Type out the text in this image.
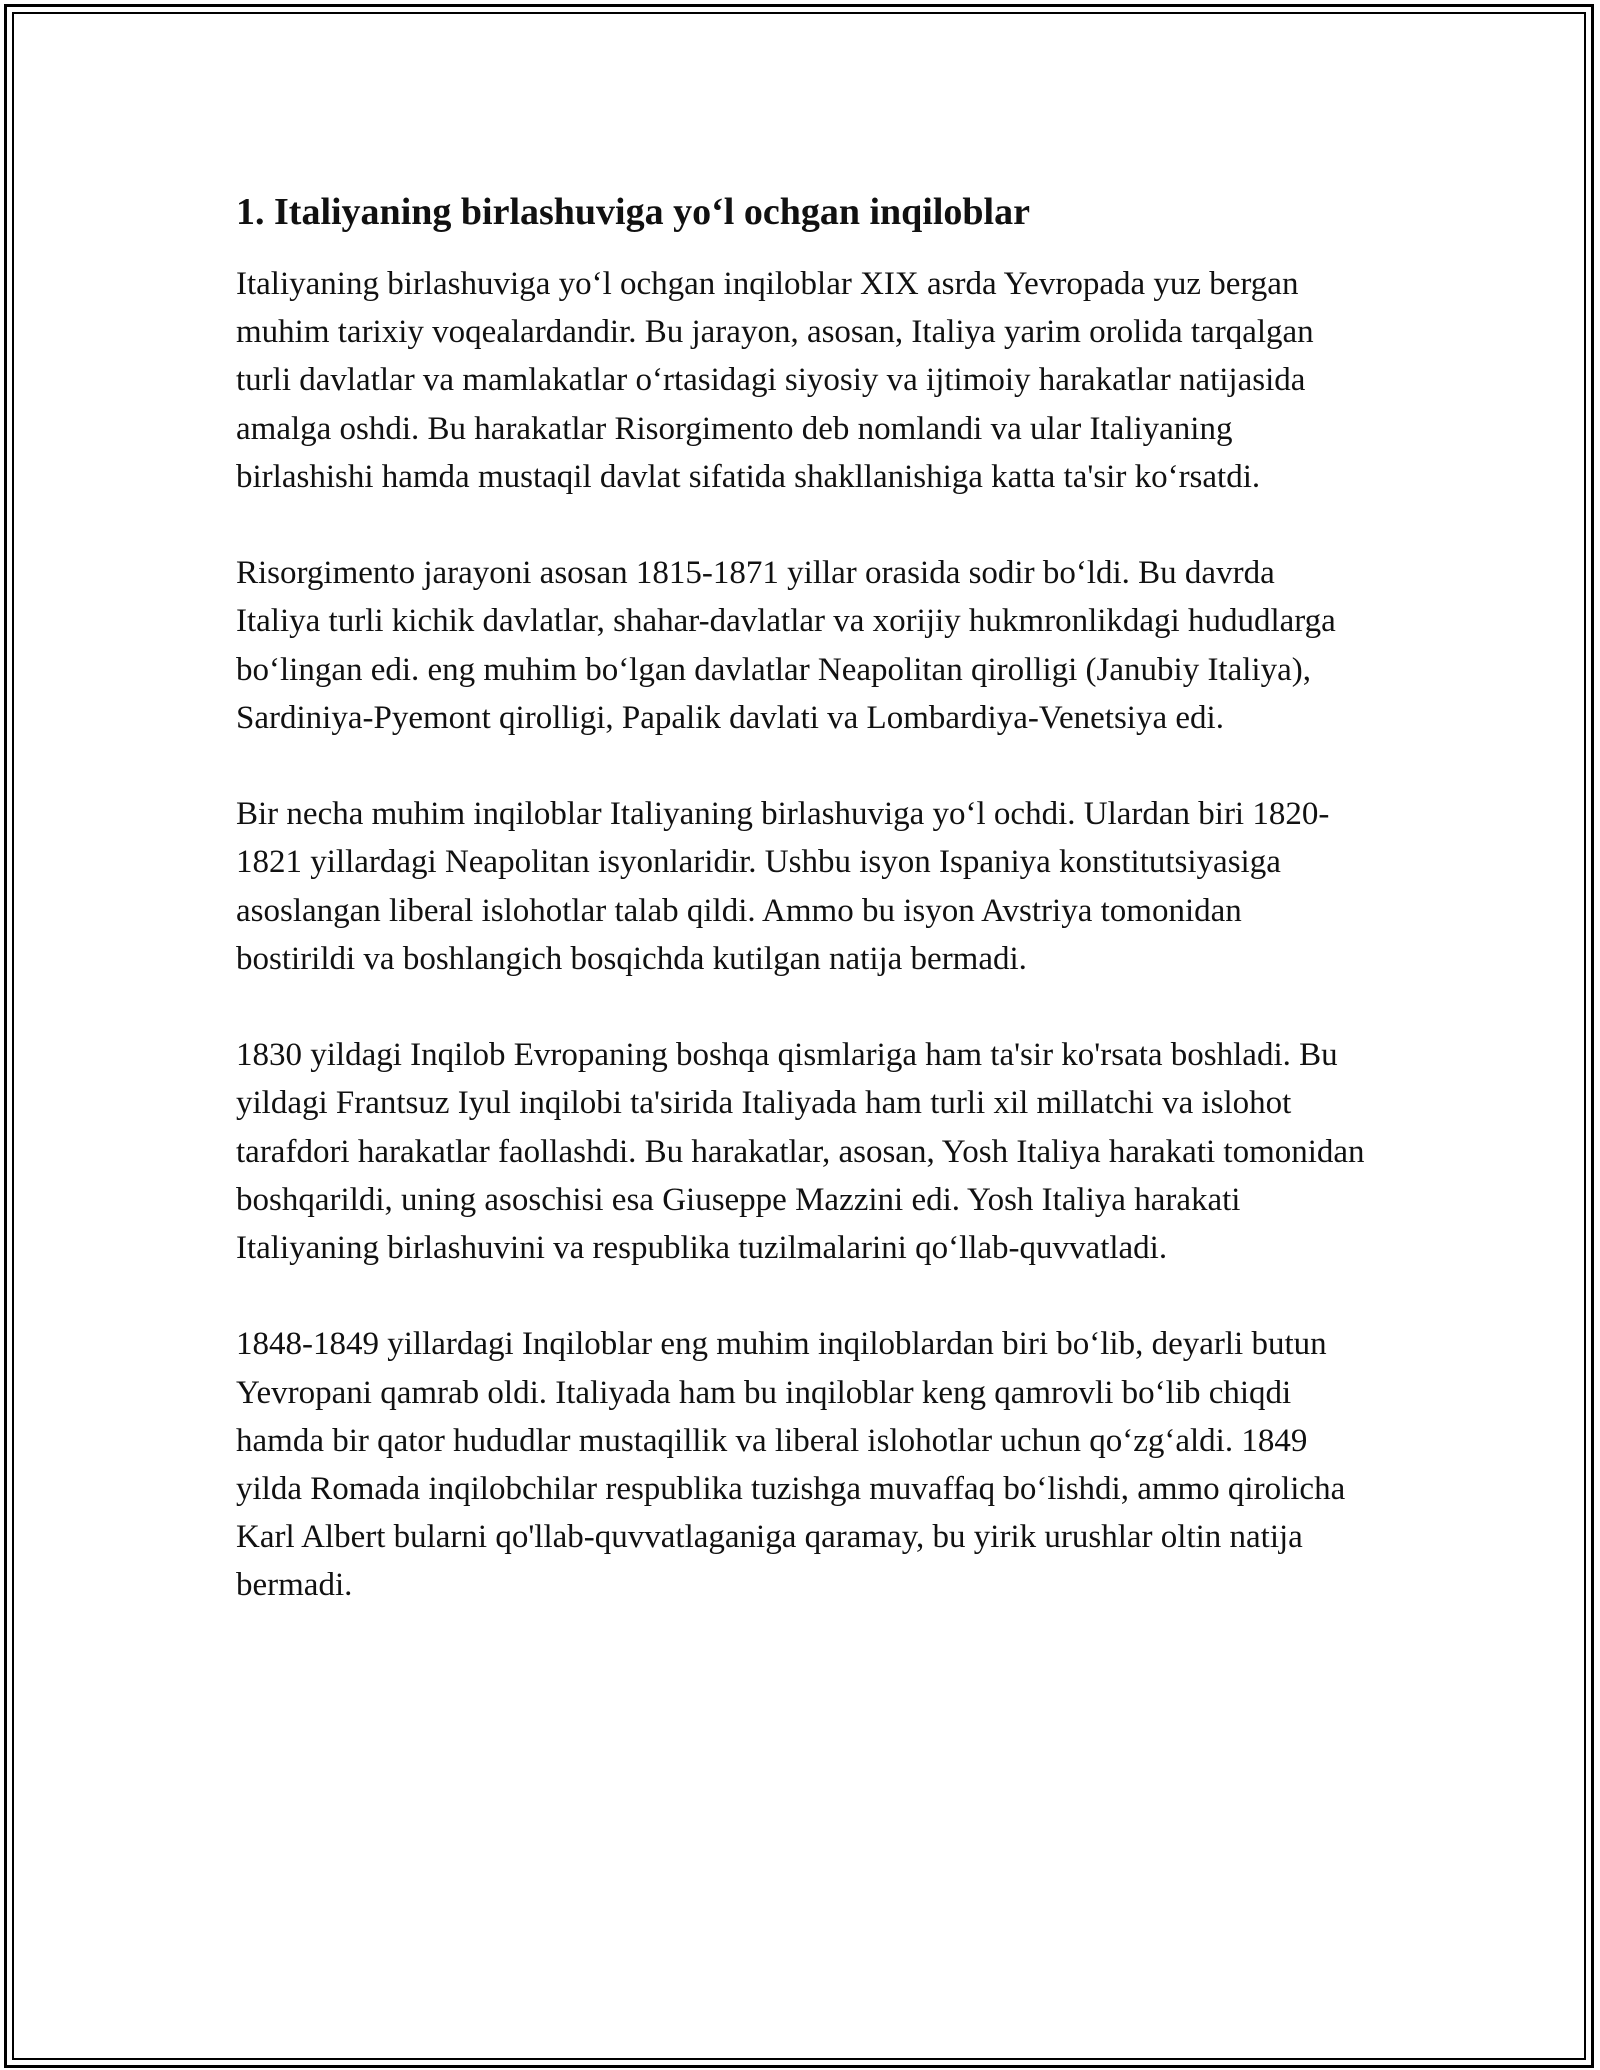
1. Italiyaning birlashuviga yo‘l ochgan inqiloblar

Italiyaning birlashuviga yo‘l ochgan inqiloblar XIX asrda Yevropada yuz bergan muhim tarixiy voqealardandir. Bu jarayon, asosan, Italiya yarim orolida tarqalgan turli davlatlar va mamlakatlar o‘rtasidagi siyosiy va ijtimoiy harakatlar natijasida amalga oshdi. Bu harakatlar Risorgimento deb nomlandi va ular Italiyaning birlashishi hamda mustaqil davlat sifatida shakllanishiga katta ta'sir ko‘rsatdi.

Risorgimento jarayoni asosan 1815-1871 yillar orasida sodir bo‘ldi. Bu davrda Italiya turli kichik davlatlar, shahar-davlatlar va xorijiy hukmronlikdagi hududlarga bo‘lingan edi. eng muhim bo‘lgan davlatlar Neapolitan qirolligi (Janubiy Italiya), Sardiniya-Pyemont qirolligi, Papalik davlati va Lombardiya-Venetsiya edi.

Bir necha muhim inqiloblar Italiyaning birlashuviga yo‘l ochdi. Ulardan biri 1820-1821 yillardagi Neapolitan isyonlaridir. Ushbu isyon Ispaniya konstitutsiyasiga asoslangan liberal islohotlar talab qildi. Ammo bu isyon Avstriya tomonidan bostirildi va boshlangich bosqichda kutilgan natija bermadi.

1830 yildagi Inqilob Evropaning boshqa qismlariga ham ta'sir ko'rsata boshladi. Bu yildagi Frantsuz Iyul inqilobi ta'sirida Italiyada ham turli xil millatchi va islohot tarafdori harakatlar faollashdi. Bu harakatlar, asosan, Yosh Italiya harakati tomonidan boshqarildi, uning asoschisi esa Giuseppe Mazzini edi. Yosh Italiya harakati Italiyaning birlashuvini va respublika tuzilmalarini qo‘llab-quvvatladi.

1848-1849 yillardagi Inqiloblar eng muhim inqiloblardan biri bo‘lib, deyarli butun Yevropani qamrab oldi. Italiyada ham bu inqiloblar keng qamrovli bo‘lib chiqdi hamda bir qator hududlar mustaqillik va liberal islohotlar uchun qo‘zg‘aldi. 1849 yilda Romada inqilobchilar respublika tuzishga muvaffaq bo‘lishdi, ammo qirolicha Karl Albert bularni qo'llab-quvvatlaganiga qaramay, bu yirik urushlar oltin natija bermadi.
